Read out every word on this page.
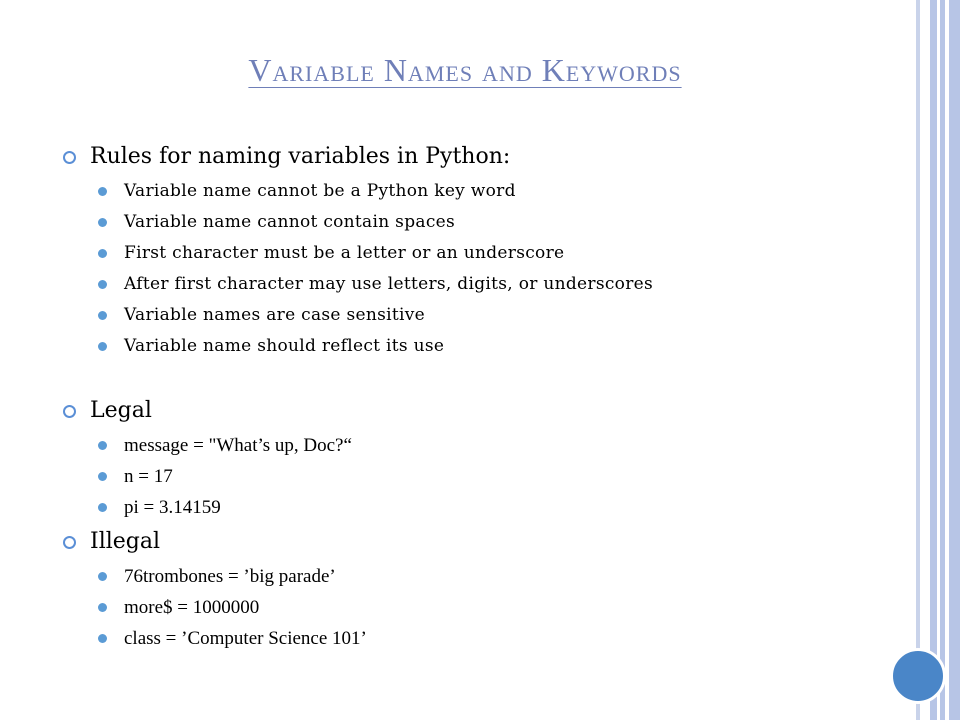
Variable Names and Keywords
Rules for naming variables in Python:
Variable name cannot be a Python key word
Variable name cannot contain spaces
First character must be a letter or an underscore
After first character may use letters, digits, or underscores
Variable names are case sensitive
Variable name should reflect its use
Legal
message = "What’s up, Doc?“
n = 17
pi = 3.14159
Illegal
76trombones = ’big parade’
more$ = 1000000
class = ’Computer Science 101’
